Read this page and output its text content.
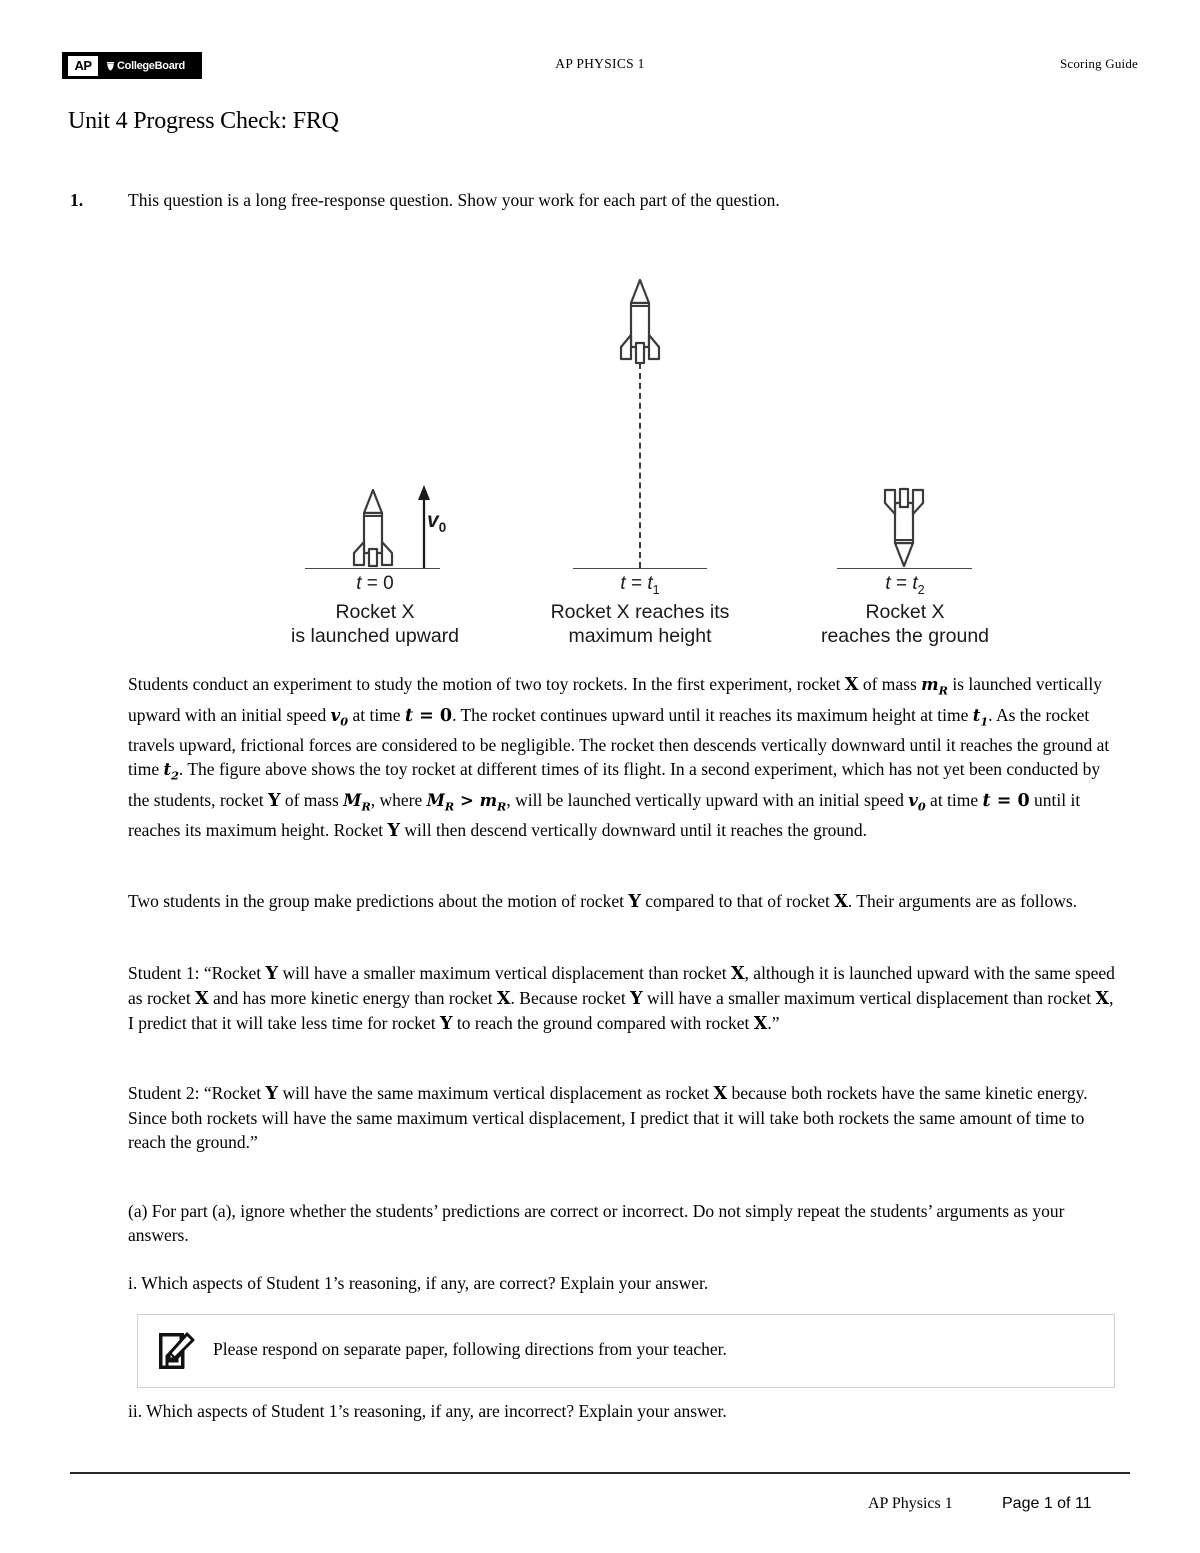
AP	CollegeBoard	AP PHYSICS 1	Scoring Guide
Unit 4 Progress Check: FRQ
1.	This question is a long free-response question. Show your work for each part of the question.
$v_0$
t = 0
Rocket X
is launched upward
$t = t_1$
Rocket X reaches its
maximum height
$t = t_2$
Rocket X
reaches the ground
Students conduct an experiment to study the motion of two toy rockets. In the first experiment, rocket X of mass $m_R$ is launched vertically upward with an initial speed $v_0$ at time t = 0. The rocket continues upward until it reaches its maximum height at time $t_1$. As the rocket travels upward, frictional forces are considered to be negligible. The rocket then descends vertically downward until it reaches the ground at time $t_2$. The figure above shows the toy rocket at different times of its flight. In a second experiment, which has not yet been conducted by the students, rocket Y of mass $M_R$, where $M_R > m_R$, will be launched vertically upward with an initial speed $v_0$ at time t = 0 until it reaches its maximum height. Rocket Y will then descend vertically downward until it reaches the ground.
Two students in the group make predictions about the motion of rocket Y compared to that of rocket X. Their arguments are as follows.
Student 1: “Rocket Y will have a smaller maximum vertical displacement than rocket X, although it is launched upward with the same speed as rocket X and has more kinetic energy than rocket X. Because rocket Y will have a smaller maximum vertical displacement than rocket X, I predict that it will take less time for rocket Y to reach the ground compared with rocket X.”
Student 2: “Rocket Y will have the same maximum vertical displacement as rocket X because both rockets have the same kinetic energy. Since both rockets will have the same maximum vertical displacement, I predict that it will take both rockets the same amount of time to reach the ground.”
(a) For part (a), ignore whether the students’ predictions are correct or incorrect. Do not simply repeat the students’ arguments as your answers.
i. Which aspects of Student 1’s reasoning, if any, are correct? Explain your answer.
Please respond on separate paper, following directions from your teacher.
ii. Which aspects of Student 1’s reasoning, if any, are incorrect? Explain your answer.
AP Physics 1	Page 1 of 11
